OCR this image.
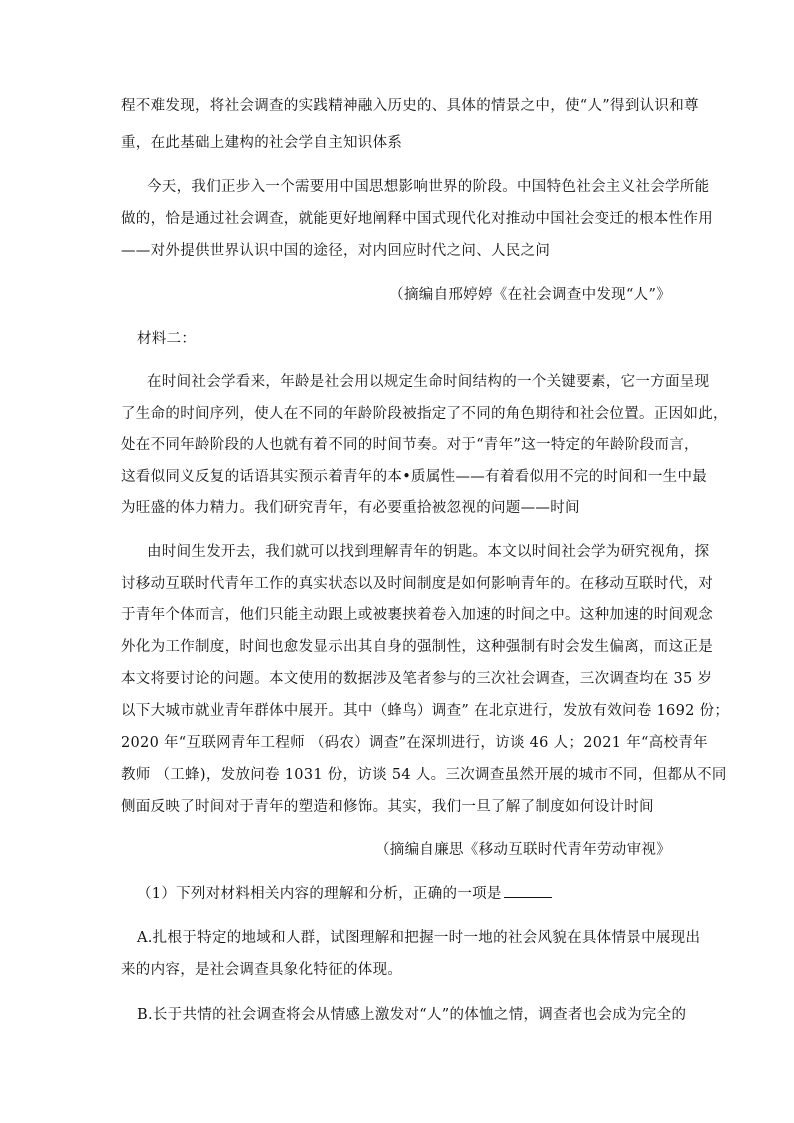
程不难发现，将社会调查的实践精神融入历史的、具体的情景之中，使“人”得到认识和尊
重，在此基础上建构的社会学自主知识体系
今天，我们正步入一个需要用中国思想影响世界的阶段。中国特色社会主义社会学所能
做的，恰是通过社会调查，就能更好地阐释中国式现代化对推动中国社会变迁的根本性作用
——对外提供世界认识中国的途径，对内回应时代之问、人民之问
（摘编自邢婷婷《在社会调查中发现“人”》
材料二：
在时间社会学看来，年龄是社会用以规定生命时间结构的一个关键要素，它一方面呈现
了生命的时间序列，使人在不同的年龄阶段被指定了不同的角色期待和社会位置。正因如此，
处在不同年龄阶段的人也就有着不同的时间节奏。对于“青年”这一特定的年龄阶段而言，
这看似同义反复的话语其实预示着青年的本•质属性——有着看似用不完的时间和一生中最
为旺盛的体力精力。我们研究青年，有必要重拾被忽视的问题——时间
由时间生发开去，我们就可以找到理解青年的钥匙。本文以时间社会学为研究视角，探
讨移动互联时代青年工作的真实状态以及时间制度是如何影响青年的。在移动互联时代，对
于青年个体而言，他们只能主动跟上或被裹挟着卷入加速的时间之中。这种加速的时间观念
外化为工作制度，时间也愈发显示出其自身的强制性，这种强制有时会发生偏离，而这正是
本文将要讨论的问题。本文使用的数据涉及笔者参与的三次社会调查，三次调查均在 35 岁
以下大城市就业青年群体中展开。其中（蜂鸟）调查” 在北京进行，发放有效问卷 1692 份；
2020 年“互联网青年工程师 （码农）调查”在深圳进行，访谈 46 人；2021 年“高校青年
教师 （工蜂)，发放问卷 1031 份，访谈 54 人。三次调查虽然开展的城市不同，但都从不同
侧面反映了时间对于青年的塑造和修饰。其实，我们一旦了解了制度如何设计时间
（摘编自廉思《移动互联时代青年劳动审视》
（1）下列对材料相关内容的理解和分析，正确的一项是
A.扎根于特定的地域和人群，试图理解和把握一时一地的社会风貌在具体情景中展现出
来的内容，是社会调查具象化特征的体现。
B.长于共情的社会调查将会从情感上激发对“人”的体恤之情，调查者也会成为完全的
